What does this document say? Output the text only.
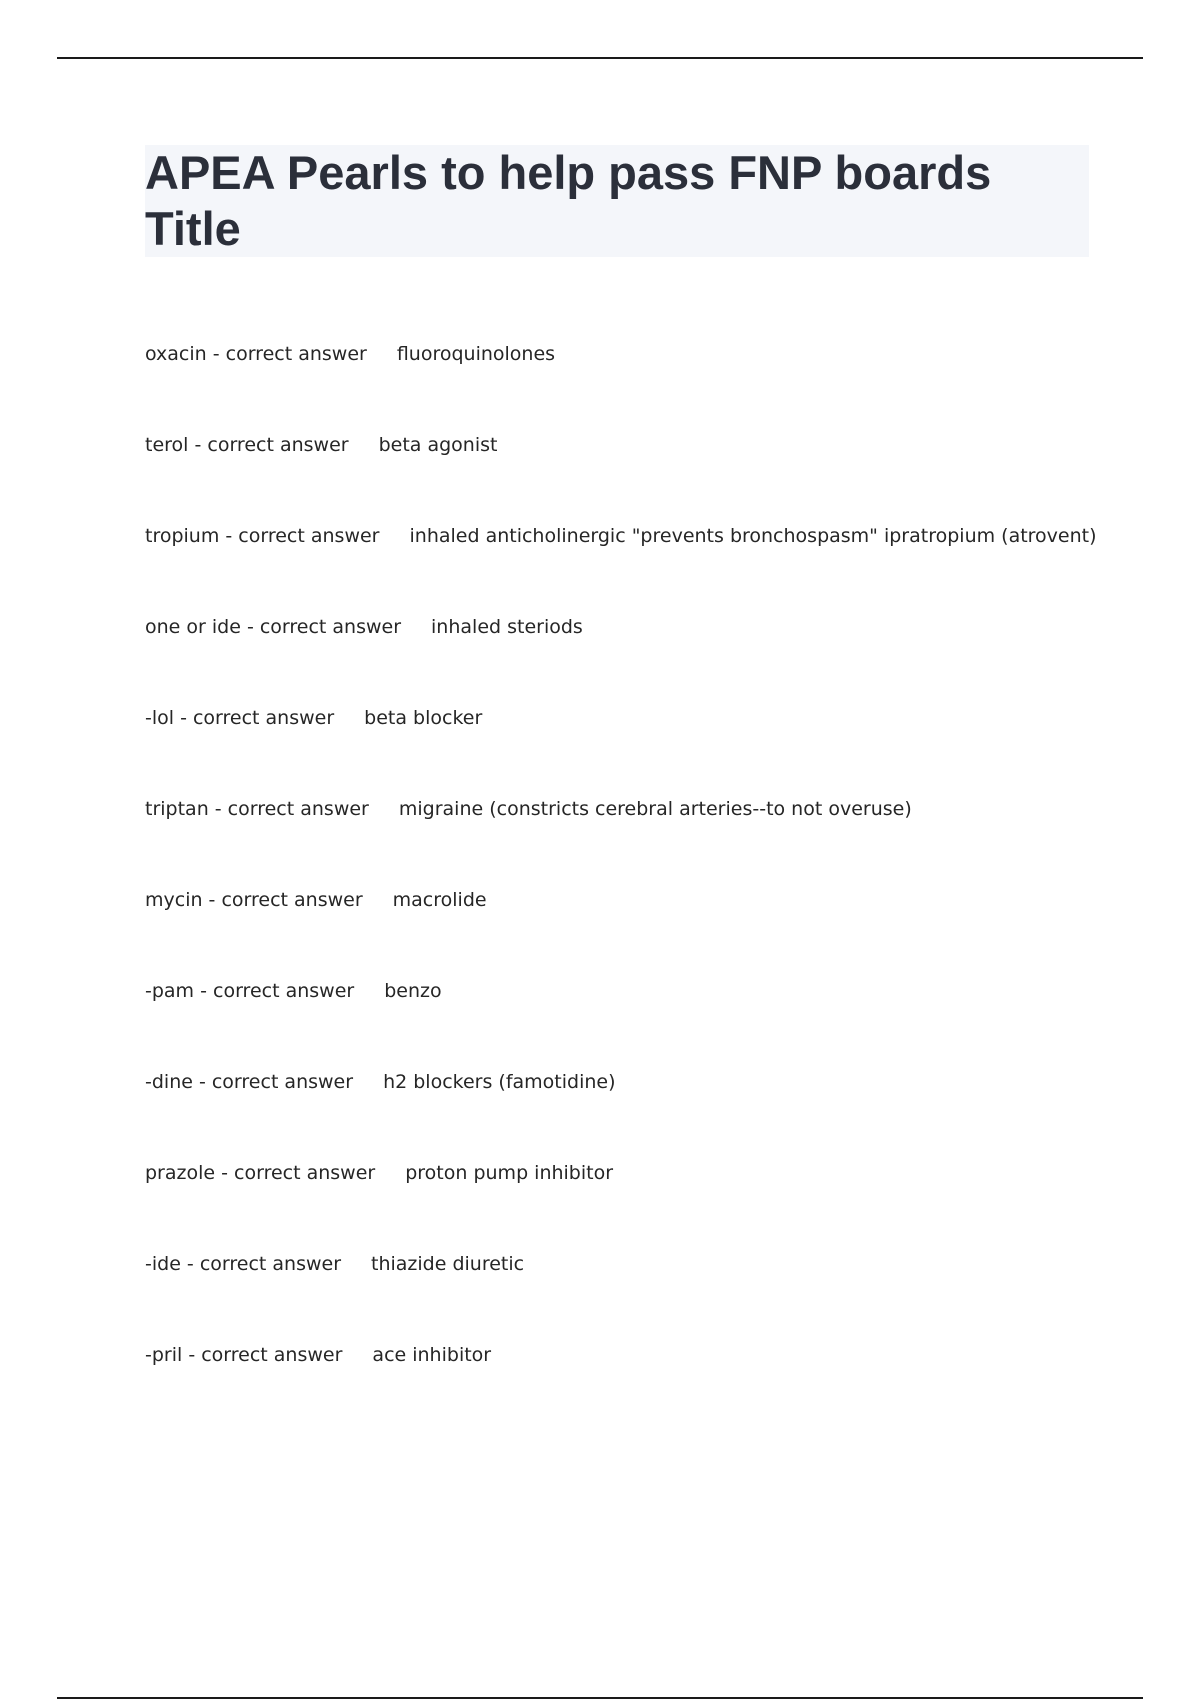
APEA Pearls to help pass FNP boards Title
oxacin - correct answer fluoroquinolones
terol - correct answer beta agonist
tropium - correct answer inhaled anticholinergic "prevents bronchospasm" ipratropium (atrovent)
one or ide - correct answer inhaled steriods
-lol - correct answer beta blocker
triptan - correct answer migraine (constricts cerebral arteries--to not overuse)
mycin - correct answer macrolide
-pam - correct answer benzo
-dine - correct answer h2 blockers (famotidine)
prazole - correct answer proton pump inhibitor
-ide - correct answer thiazide diuretic
-pril - correct answer ace inhibitor
